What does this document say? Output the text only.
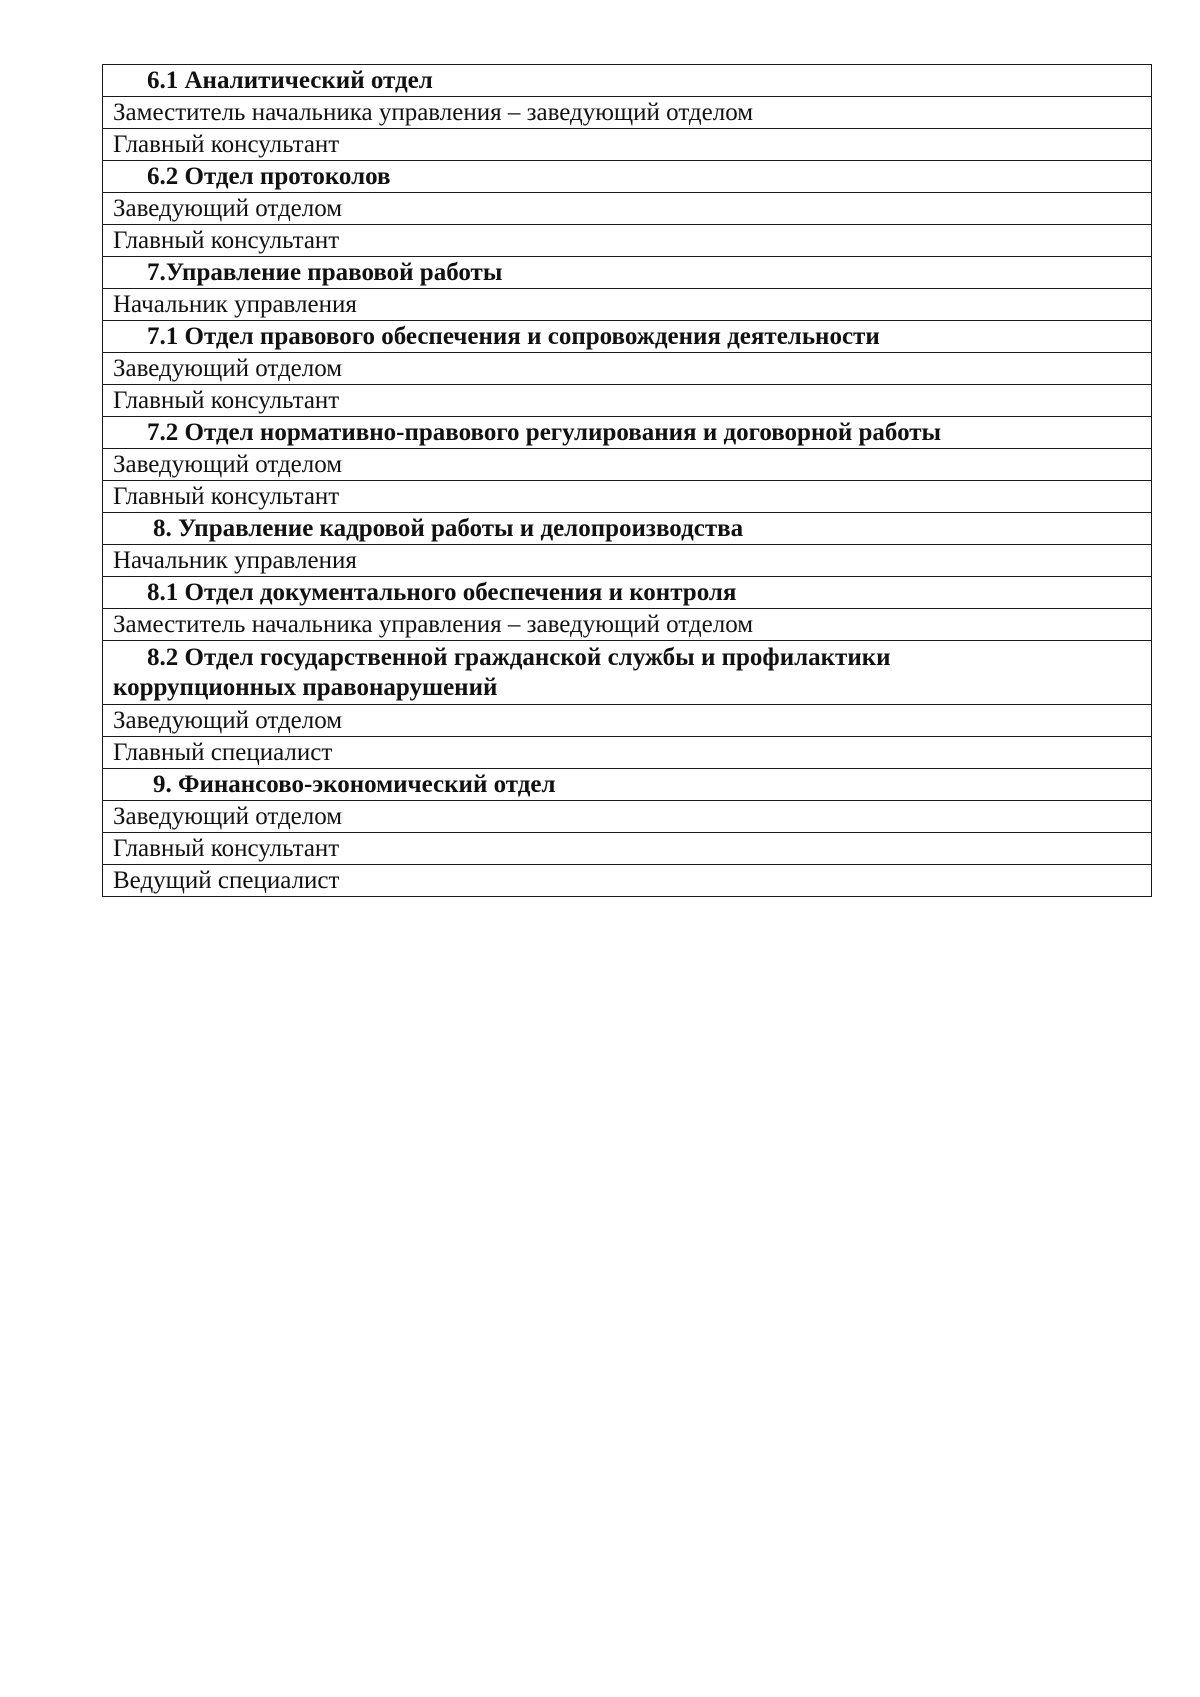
6.1 Аналитический отдел
Заместитель начальника управления – заведующий отделом
Главный консультант
6.2 Отдел протоколов
Заведующий отделом
Главный консультант
7.Управление правовой работы
Начальник управления
7.1 Отдел правового обеспечения и сопровождения деятельности
Заведующий отделом
Главный консультант
7.2 Отдел нормативно-правового регулирования и договорной работы
Заведующий отделом
Главный консультант
8. Управление кадровой работы и делопроизводства
Начальник управления
8.1 Отдел документального обеспечения и контроля
Заместитель начальника управления – заведующий отделом
8.2 Отдел государственной гражданской службы и профилактики
коррупционных правонарушений

Заведующий отделом
Главный специалист
9. Финансово-экономический отдел
Заведующий отделом
Главный консультант
Ведущий специалист
